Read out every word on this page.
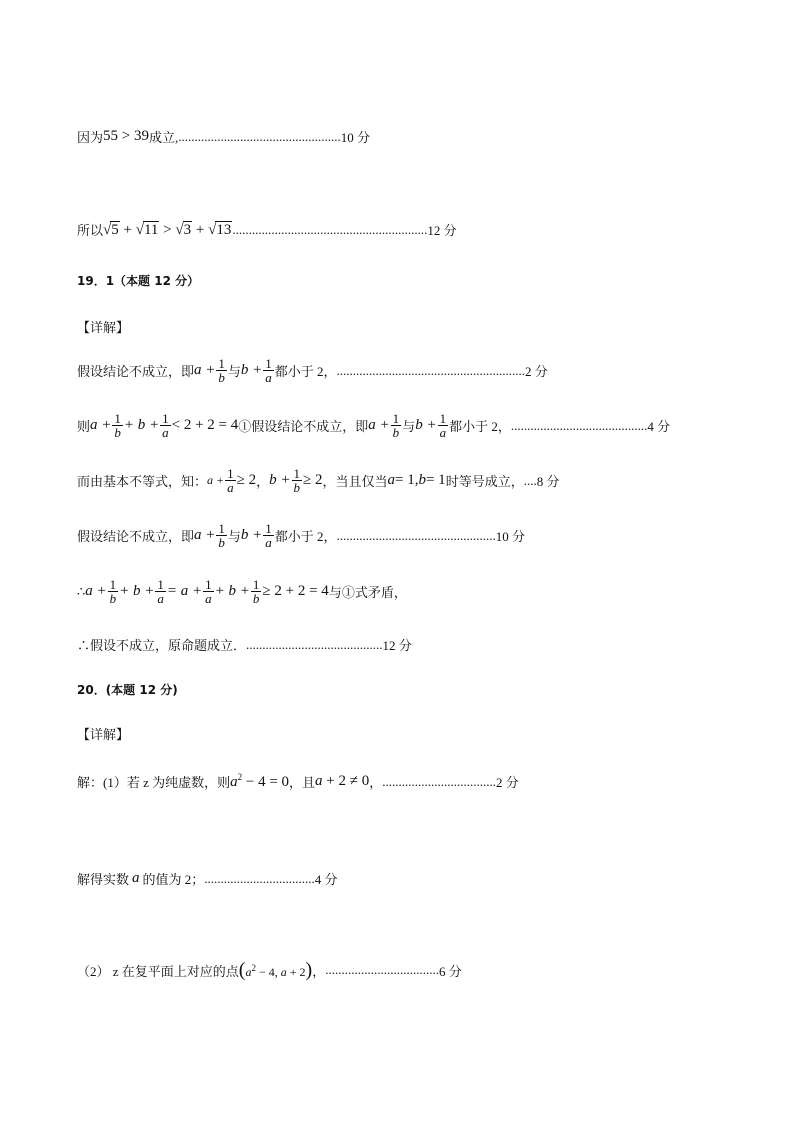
因为 55 > 39 成立, .................................................. 10 分
所以 √ 5 + √ 11 > √ 3 + √ 13 ............................................................ 12 分
19．1（本题 12 分）
【详解】
假设结论不成立，即 $a + \frac{1}{b}$ 与 $b + \frac{1}{a}$ 都小于 2， .......................................................... 2 分
则 $a + \frac{1}{b} + b + \frac{1}{a} < 2 + 2 = 4$ ①假设结论不成立，即 $a + \frac{1}{b}$ 与 $b + \frac{1}{a}$ 都小于 2， .......................................... 4 分
而由基本不等式，知： $a + \frac{1}{a} \ge 2$ ， $b + \frac{1}{b} \ge 2$ ，当且仅当 a = 1, b = 1 时等号成立， .... 8 分
假设结论不成立，即 $a + \frac{1}{b}$ 与 $b + \frac{1}{a}$ 都小于 2， ................................................. 10 分
∴ $a + \frac{1}{b} + b + \frac{1}{a} = a + \frac{1}{a} + b + \frac{1}{b} \ge 2 + 2 = 4$ 与①式矛盾，
∴假设不成立，原命题成立． .......................................... 12 分
20．(本题 12 分)
【详解】
解：(1）若 z 为纯虚数，则 $a^2 - 4 = 0$ ，且 a + 2 ≠ 0 ， ................................... 2 分
解得实数 a 的值为 2； .................................. 4 分
（2） z 在复平面上对应的点 ($a^2 - 4$, a + 2) ， ................................... 6 分
